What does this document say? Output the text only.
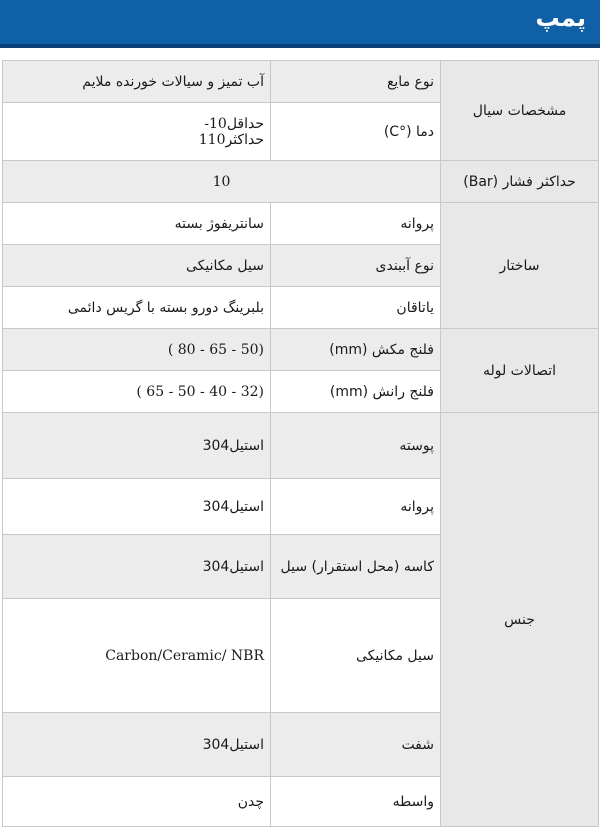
پمپ
مشخصات سیال	نوع مایع	آب تمیز و سیالات خورنده ملایم
	دما (°C)	حداقل10-
حداکثر110

حداکثر فشار (Bar)	10	
ساختار	پروانه	سانتریفوژ بسته
	نوع آببندی	سیل مکانیکی
	یاتاقان	بلبرینگ دورو بسته با گریس دائمی
اتصالات لوله	فلنج مکش (mm)	(50 - 65 - 80 )
	فلنج رانش (mm)	(32 - 40 - 50 - 65 )
جنس	پوسته	استیل304
	پروانه	استیل304
	کاسه (محل استقرار) سیل	استیل304
	سیل مکانیکی	Carbon/Ceramic/ NBR
	شفت	استیل304
	واسطه	چدن
